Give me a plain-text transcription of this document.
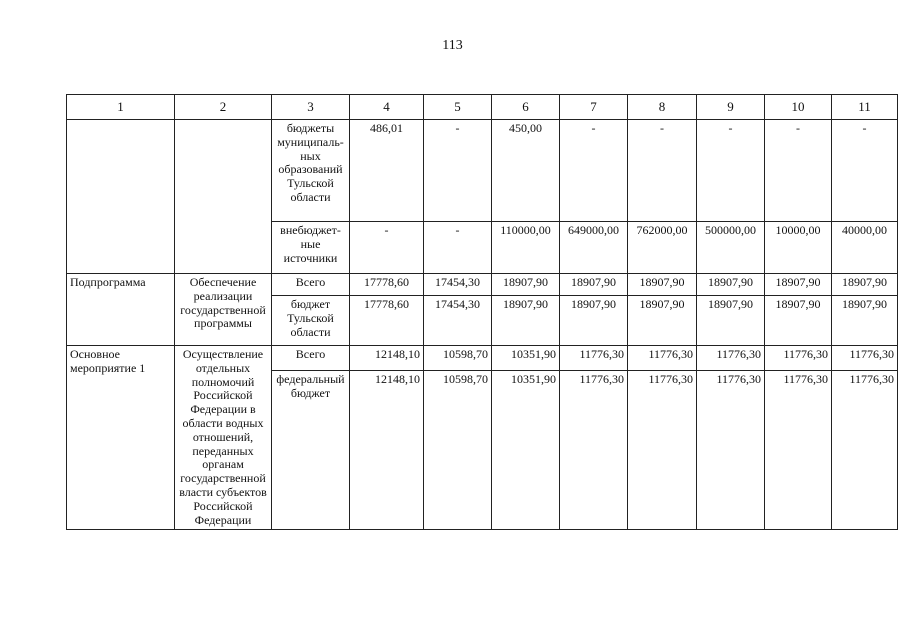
113
1	2	3	4	5	6	7	8	9	10	11
		бюджеты муниципаль-ных образований Тульской области	486,01	-	450,00	-	-	-	-	-
		внебюджет-ные источники	-	-	110000,00	649000,00	762000,00	500000,00	10000,00	40000,00
Подпрограмма	Обеспечение реализации государственной программы	Всего	17778,60	17454,30	18907,90	18907,90	18907,90	18907,90	18907,90	18907,90
		бюджет Тульской области	17778,60	17454,30	18907,90	18907,90	18907,90	18907,90	18907,90	18907,90
Основное мероприятие 1	Осуществление отдельных полномочий Российской Федерации в области водных отношений, переданных органам государственной власти субъектов Российской Федерации	Всего	12148,10	10598,70	10351,90	11776,30	11776,30	11776,30	11776,30	11776,30
		федеральный бюджет	12148,10	10598,70	10351,90	11776,30	11776,30	11776,30	11776,30	11776,30
